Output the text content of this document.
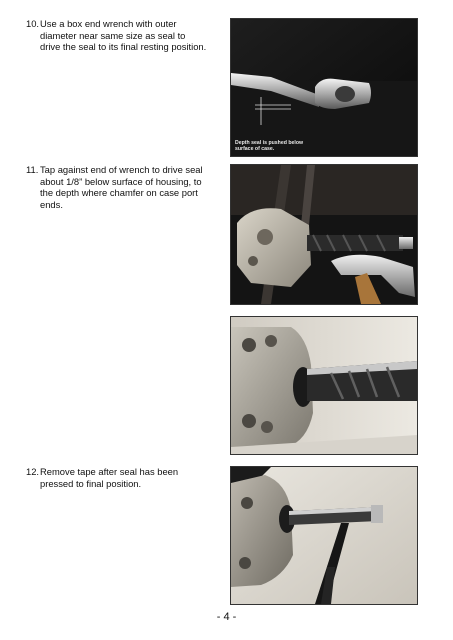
10. Use a box end wrench with outer diameter near same size as seal to drive the seal to its final resting position.
Depth seal is pushed below surface of case.
11. Tap against end of wrench to drive seal about 1/8” below surface of housing, to the depth where chamfer on case port ends.
12. Remove tape after seal has been pressed to final position.
- 4 -
